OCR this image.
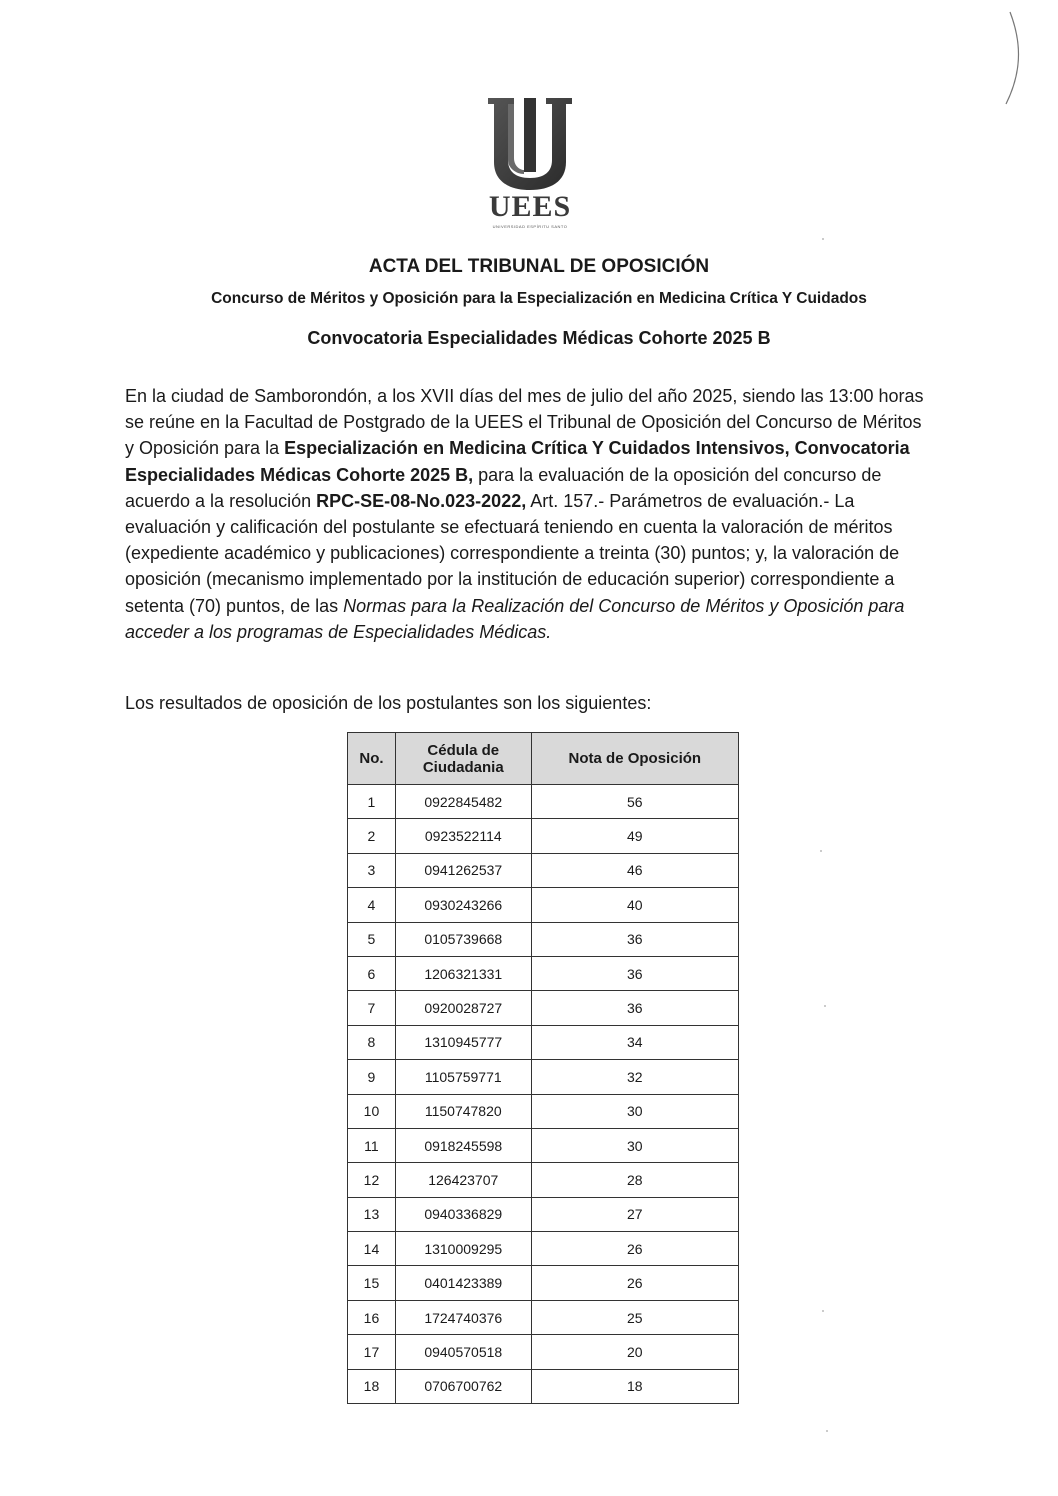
UEES
UNIVERSIDAD ESPÍRITU SANTO
ACTA DEL TRIBUNAL DE OPOSICIÓN
Concurso de Méritos y Oposición para la Especialización en Medicina Crítica Y Cuidados
Convocatoria Especialidades Médicas Cohorte 2025 B

En la ciudad de Samborondón, a los XVII días del mes de julio del año 2025, siendo las 13:00 horas se reúne en la Facultad de Postgrado de la UEES el Tribunal de Oposición del Concurso de Méritos y Oposición para la Especialización en Medicina Crítica Y Cuidados Intensivos, Convocatoria Especialidades Médicas Cohorte 2025 B, para la evaluación de la oposición del concurso de acuerdo a la resolución RPC-SE-08-No.023-2022, Art. 157.- Parámetros de evaluación.- La evaluación y calificación del postulante se efectuará teniendo en cuenta la valoración de méritos (expediente académico y publicaciones) correspondiente a treinta (30) puntos; y, la valoración de oposición (mecanismo implementado por la institución de educación superior) correspondiente a setenta (70) puntos, de las Normas para la Realización del Concurso de Méritos y Oposición para acceder a los programas de Especialidades Médicas.

Los resultados de oposición de los postulantes son los siguientes:

No.	Cédula de Ciudadania	Nota de Oposición
1	0922845482	56
2	0923522114	49
3	0941262537	46
4	0930243266	40
5	0105739668	36
6	1206321331	36
7	0920028727	36
8	1310945777	34
9	1105759771	32
10	1150747820	30
11	0918245598	30
12	126423707	28
13	0940336829	27
14	1310009295	26
15	0401423389	26
16	1724740376	25
17	0940570518	20
18	0706700762	18
